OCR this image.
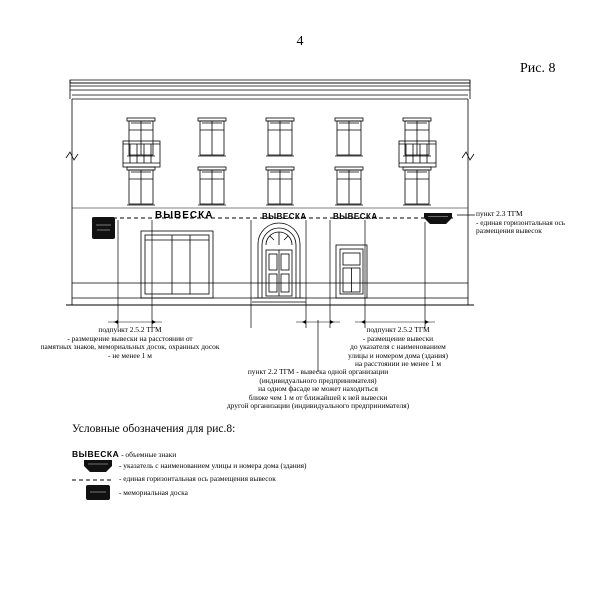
4
Рис. 8
ВЫВЕСКА	ВЫВЕСКА	ВЫВЕСКА	пункт 2.3 ТГМ
- единая горизонтальная ось
размещения вывесок
подпункт 2.5.2 ТГМ
- размещение вывески на расстоянии от
памятных знаков, мемориальных досок, охранных досок
- не менее 1 м
подпункт 2.5.2 ТГМ
- размещение вывески
до указателя с наименованием
улицы и номером дома (здания)
на расстоянии не менее 1 м
пункт 2.2 ТГМ - вывеска одной организации
(индивидуального предпринимателя)
на одном фасаде не может находиться
ближе чем 1 м от ближайшей к ней вывески
другой организации (индивидуального предпринимателя)
Условные обозначения для рис.8:
ВЫВЕСКА - объемные знаки
- указатель с наименованием улицы и номера дома (здания)
- единая горизонтальная ось размещения вывесок
- мемориальная доска
